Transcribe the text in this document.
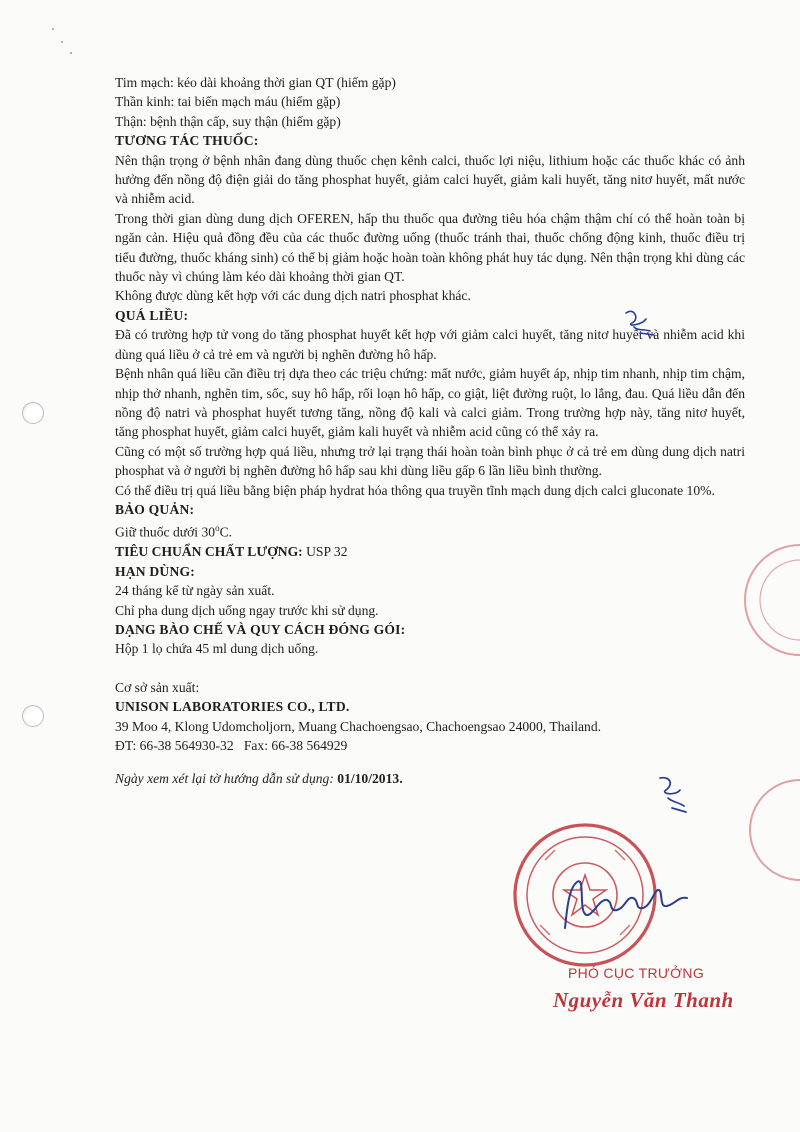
Tim mạch: kéo dài khoảng thời gian QT (hiếm gặp)

Thần kinh: tai biến mạch máu (hiếm gặp)

Thận: bệnh thận cấp, suy thận (hiếm gặp)

TƯƠNG TÁC THUỐC:

Nên thận trọng ở bệnh nhân đang dùng thuốc chẹn kênh calci, thuốc lợi niệu, lithium hoặc các thuốc khác có ảnh hưởng đến nồng độ điện giải do tăng phosphat huyết, giảm calci huyết, giảm kali huyết, tăng nitơ huyết, mất nước và nhiễm acid.

Trong thời gian dùng dung dịch OFEREN, hấp thu thuốc qua đường tiêu hóa chậm thậm chí có thể hoàn toàn bị ngăn cản. Hiệu quả đồng đều của các thuốc đường uống (thuốc tránh thai, thuốc chống động kinh, thuốc điều trị tiểu đường, thuốc kháng sinh) có thể bị giảm hoặc hoàn toàn không phát huy tác dụng. Nên thận trọng khi dùng các thuốc này vì chúng làm kéo dài khoảng thời gian QT.

Không được dùng kết hợp với các dung dịch natri phosphat khác.

QUÁ LIỀU:

Đã có trường hợp tử vong do tăng phosphat huyết kết hợp với giảm calci huyết, tăng nitơ huyết và nhiễm acid khi dùng quá liều ở cả trẻ em và người bị nghẽn đường hô hấp.

Bệnh nhân quá liều cần điều trị dựa theo các triệu chứng: mất nước, giảm huyết áp, nhịp tim nhanh, nhịp tim chậm, nhịp thở nhanh, nghẽn tim, sốc, suy hô hấp, rối loạn hô hấp, co giật, liệt đường ruột, lo lắng, đau. Quá liều dẫn đến nồng độ natri và phosphat huyết tương tăng, nồng độ kali và calci giảm. Trong trường hợp này, tăng nitơ huyết, tăng phosphat huyết, giảm calci huyết, giảm kali huyết và nhiễm acid cũng có thể xảy ra.

Cũng có một số trường hợp quá liều, nhưng trở lại trạng thái hoàn toàn bình phục ở cả trẻ em dùng dung dịch natri phosphat và ở người bị nghẽn đường hô hấp sau khi dùng liều gấp 6 lần liều bình thường.

Có thể điều trị quá liều bằng biện pháp hydrat hóa thông qua truyền tĩnh mạch dung dịch calci gluconate 10%.

BẢO QUẢN:

Giữ thuốc dưới 30$^o$C.

TIÊU CHUẨN CHẤT LƯỢNG: USP 32

HẠN DÙNG:

24 tháng kể từ ngày sản xuất.

Chỉ pha dung dịch uống ngay trước khi sử dụng.

DẠNG BÀO CHẾ VÀ QUY CÁCH ĐÓNG GÓI:

Hộp 1 lọ chứa 45 ml dung dịch uống.

Cơ sở sản xuất:

UNISON LABORATORIES CO., LTD.

39 Moo 4, Klong Udomcholjorn, Muang Chachoengsao, Chachoengsao 24000, Thailand.

ĐT: 66-38 564930-32   Fax: 66-38 564929

Ngày xem xét lại tờ hướng dẫn sử dụng: 01/10/2013.

PHÓ CỤC TRƯỞNG
Nguyễn Văn Thanh
